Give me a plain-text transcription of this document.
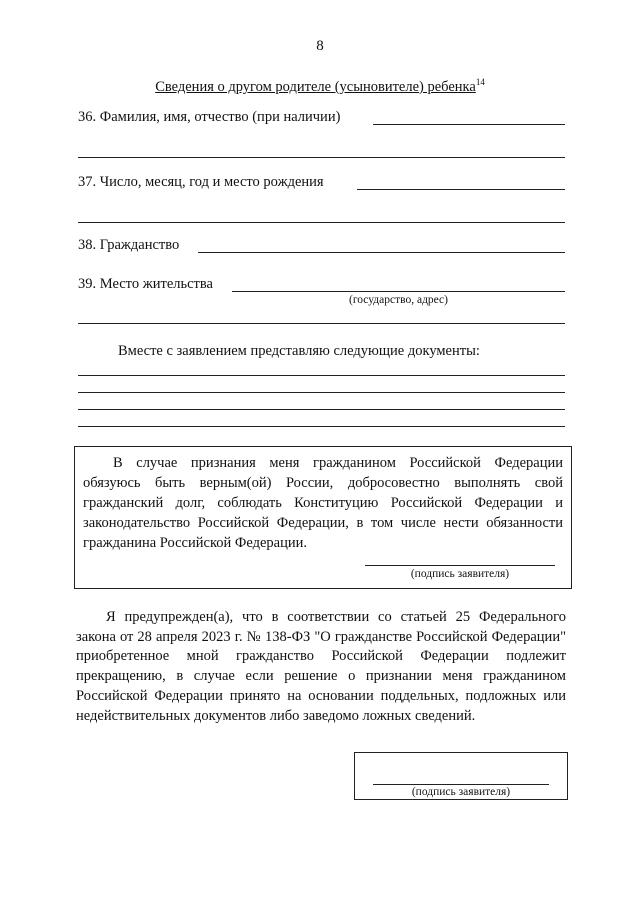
8
Сведения о другом родителе (усыновителе) ребенка$^{14}$
36. Фамилия, имя, отчество (при наличии)
37. Число, месяц, год и место рождения
38. Гражданство
39. Место жительства
(государство, адрес)
Вместе с заявлением представляю следующие документы:

В случае признания меня гражданином Российской Федерации обязуюсь быть верным(ой) России, добросовестно выполнять свой гражданский долг, соблюдать Конституцию Российской Федерации и законодательство Российской Федерации, в том числе нести обязанности гражданина Российской Федерации.

(подпись заявителя)

Я предупрежден(а), что в соответствии со статьей 25 Федерального закона от 28 апреля 2023 г. № 138-ФЗ "О гражданстве Российской Федерации" приобретенное мной гражданство Российской Федерации подлежит прекращению, в случае если решение о признании меня гражданином Российской Федерации принято на основании поддельных, подложных или недействительных документов либо заведомо ложных сведений.

(подпись заявителя)
